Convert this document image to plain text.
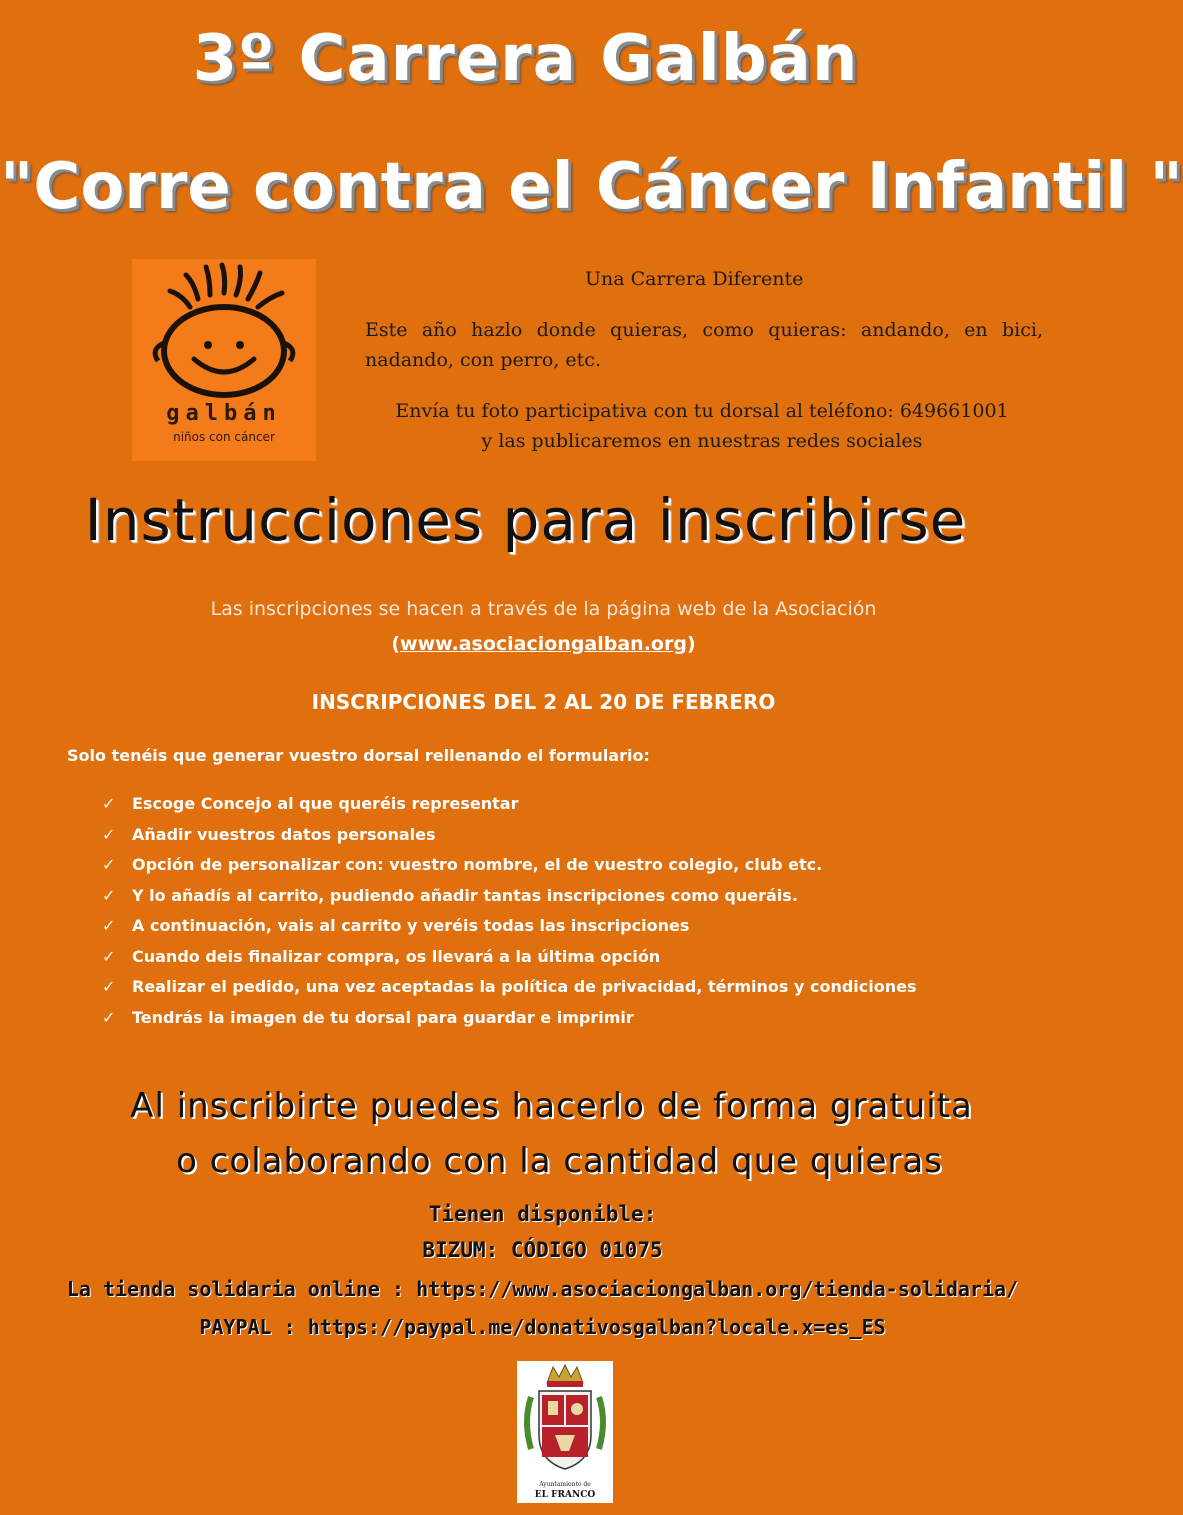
3º Carrera Galbán
"Corre contra el Cáncer Infantil "
galbán
niños con cáncer
Una Carrera Diferente
Este año hazlo donde quieras, como quieras: andando, en bici, nadando, con perro, etc.
Envía tu foto participativa con tu dorsal al teléfono: 649661001
y las publicaremos en nuestras redes sociales
Instrucciones para inscribirse
Las inscripciones se hacen a través de la página web de la Asociación
(www.asociaciongalban.org)
INSCRIPCIONES DEL 2 AL 20 DE FEBRERO
Solo tenéis que generar vuestro dorsal rellenando el formulario:
✓ Escoge Concejo al que queréis representar
✓ Añadir vuestros datos personales
✓ Opción de personalizar con: vuestro nombre, el de vuestro colegio, club etc.
✓ Y lo añadís al carrito, pudiendo añadir tantas inscripciones como queráis.
✓ A continuación, vais al carrito y veréis todas las inscripciones
✓ Cuando deis finalizar compra, os llevará a la última opción
✓ Realizar el pedido, una vez aceptadas la política de privacidad, términos y condiciones
✓ Tendrás la imagen de tu dorsal para guardar e imprimir
Al inscribirte puedes hacerlo de forma gratuita
o colaborando con la cantidad que quieras
Tienen disponible:
BIZUM: CÓDIGO 01075
La tienda solidaria online : https://www.asociaciongalban.org/tienda-solidaria/
PAYPAL : https://paypal.me/donativosgalban?locale.x=es_ES
Ayuntamiento de
EL FRANCO
